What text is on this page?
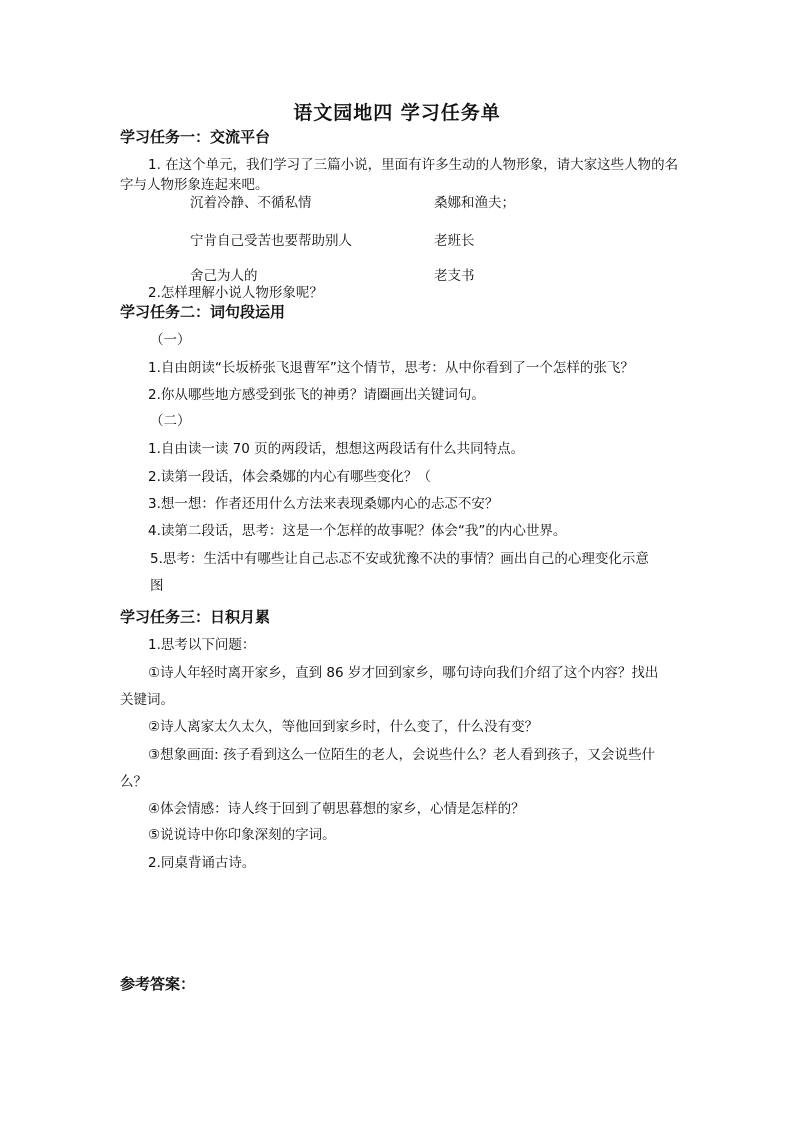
语文园地四 学习任务单
学习任务一：交流平台
1. 在这个单元，我们学习了三篇小说，里面有许多生动的人物形象，请大家这些人物的名字与人物形象连起来吧。
沉着冷静、不循私情	桑娜和渔夫；
宁肯自己受苦也要帮助别人	老班长
舍己为人的	老支书
2.怎样理解小说人物形象呢？
学习任务二：词句段运用
（一）
1.自由朗读“长坂桥张飞退曹军”这个情节，思考：从中你看到了一个怎样的张飞？
2.你从哪些地方感受到张飞的神勇？请圈画出关键词句。
（二）
1.自由读一读 70 页的两段话，想想这两段话有什么共同特点。
2.读第一段话，体会桑娜的内心有哪些变化？（
3.想一想：作者还用什么方法来表现桑娜内心的忐忑不安？
4.读第二段话，思考：这是一个怎样的故事呢？体会“我”的内心世界。
5.思考：生活中有哪些让自己忐忑不安或犹豫不决的事情？画出自己的心理变化示意
图
学习任务三：日积月累
1.思考以下问题：
①诗人年轻时离开家乡，直到 86 岁才回到家乡，哪句诗向我们介绍了这个内容？找出
关键词。
②诗人离家太久太久，等他回到家乡时，什么变了，什么没有变？
③想象画面: 孩子看到这么一位陌生的老人，会说些什么？老人看到孩子，又会说些什
么？
④体会情感：诗人终于回到了朝思暮想的家乡，心情是怎样的？
⑤说说诗中你印象深刻的字词。
2.同桌背诵古诗。
参考答案：
